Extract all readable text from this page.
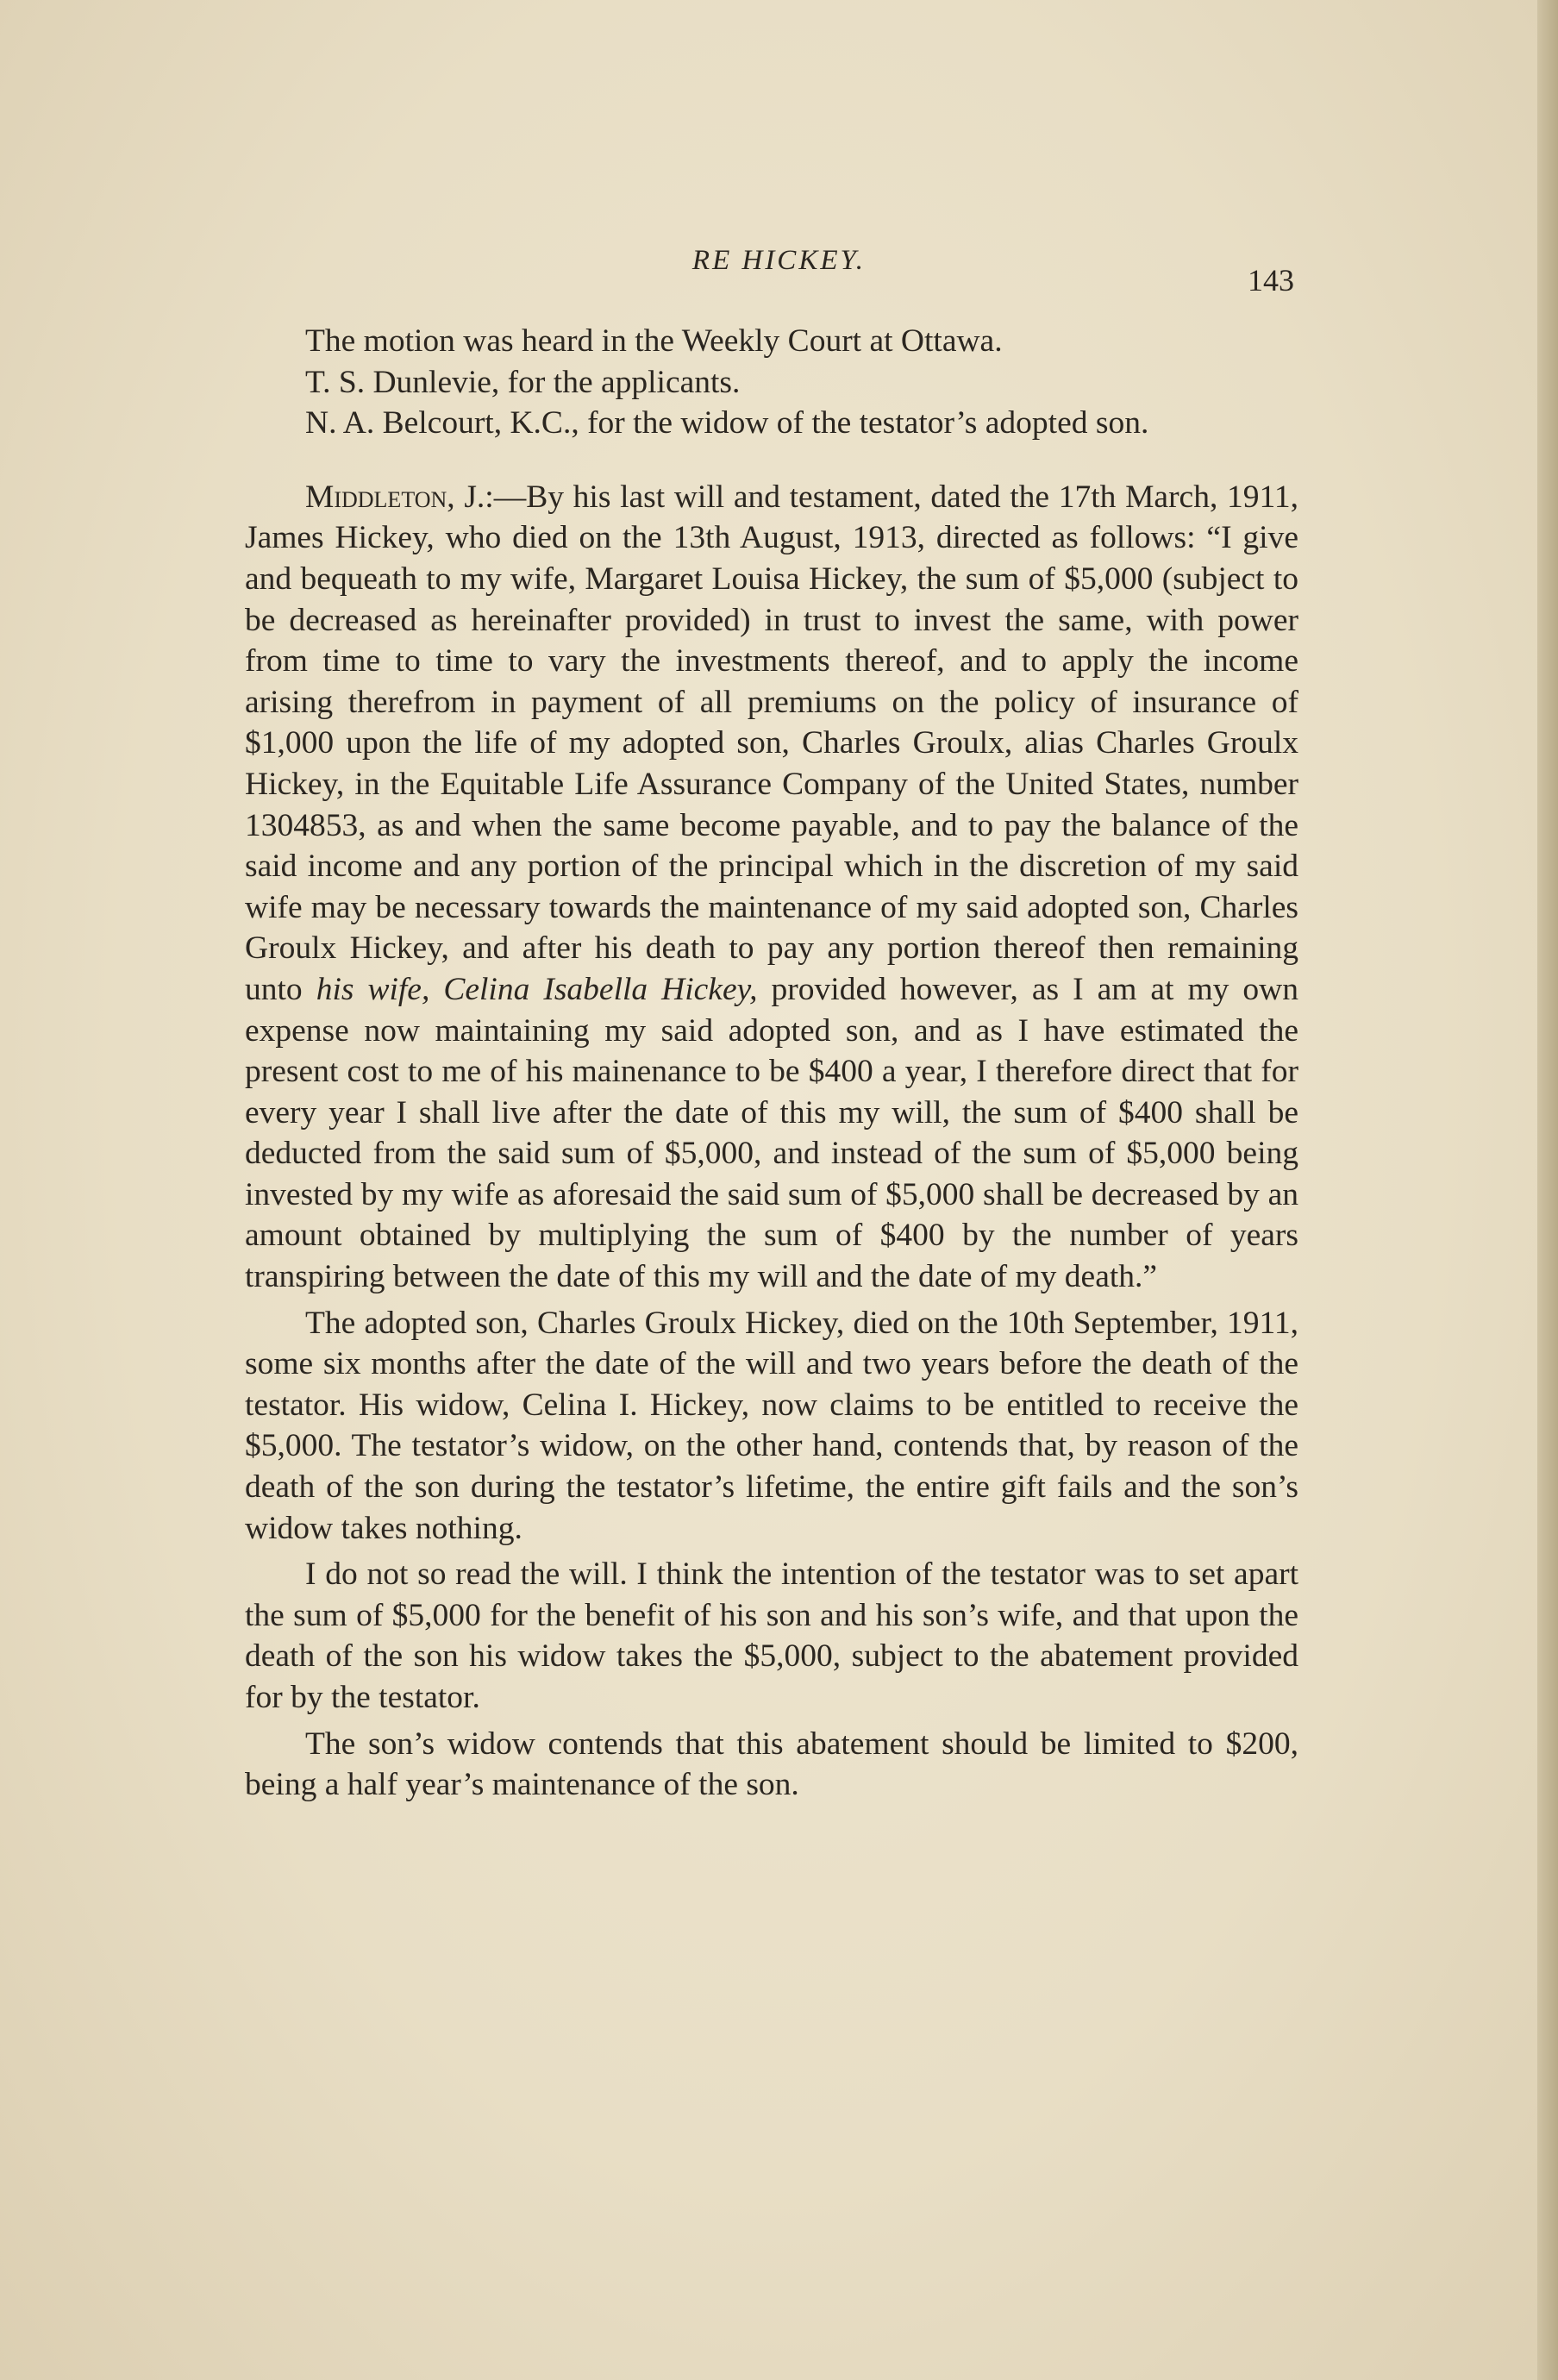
RE HICKEY.
143

The motion was heard in the Weekly Court at Ottawa.

T. S. Dunlevie, for the applicants.

N. A. Belcourt, K.C., for the widow of the testator’s adopted son.

Middleton, J.:—By his last will and testament, dated the 17th March, 1911, James Hickey, who died on the 13th August, 1913, directed as follows: “I give and bequeath to my wife, Margaret Louisa Hickey, the sum of $5,000 (subject to be decreased as hereinafter provided) in trust to invest the same, with power from time to time to vary the investments thereof, and to apply the income arising therefrom in payment of all premiums on the policy of insurance of $1,000 upon the life of my adopted son, Charles Groulx, alias Charles Groulx Hickey, in the Equitable Life Assurance Company of the United States, number 1304853, as and when the same become payable, and to pay the balance of the said income and any portion of the principal which in the discretion of my said wife may be necessary towards the maintenance of my said adopted son, Charles Groulx Hickey, and after his death to pay any portion thereof then remaining unto his wife, Celina Isabella Hickey, provided however, as I am at my own expense now maintaining my said adopted son, and as I have estimated the present cost to me of his mainenance to be $400 a year, I therefore direct that for every year I shall live after the date of this my will, the sum of $400 shall be deducted from the said sum of $5,000, and instead of the sum of $5,000 being invested by my wife as aforesaid the said sum of $5,000 shall be decreased by an amount obtained by multiplying the sum of $400 by the number of years transpiring between the date of this my will and the date of my death.”

The adopted son, Charles Groulx Hickey, died on the 10th September, 1911, some six months after the date of the will and two years before the death of the testator. His widow, Celina I. Hickey, now claims to be entitled to receive the $5,000. The testator’s widow, on the other hand, contends that, by reason of the death of the son during the testator’s lifetime, the entire gift fails and the son’s widow takes nothing.

I do not so read the will. I think the intention of the testator was to set apart the sum of $5,000 for the benefit of his son and his son’s wife, and that upon the death of the son his widow takes the $5,000, subject to the abatement provided for by the testator.

The son’s widow contends that this abatement should be limited to $200, being a half year’s maintenance of the son.
